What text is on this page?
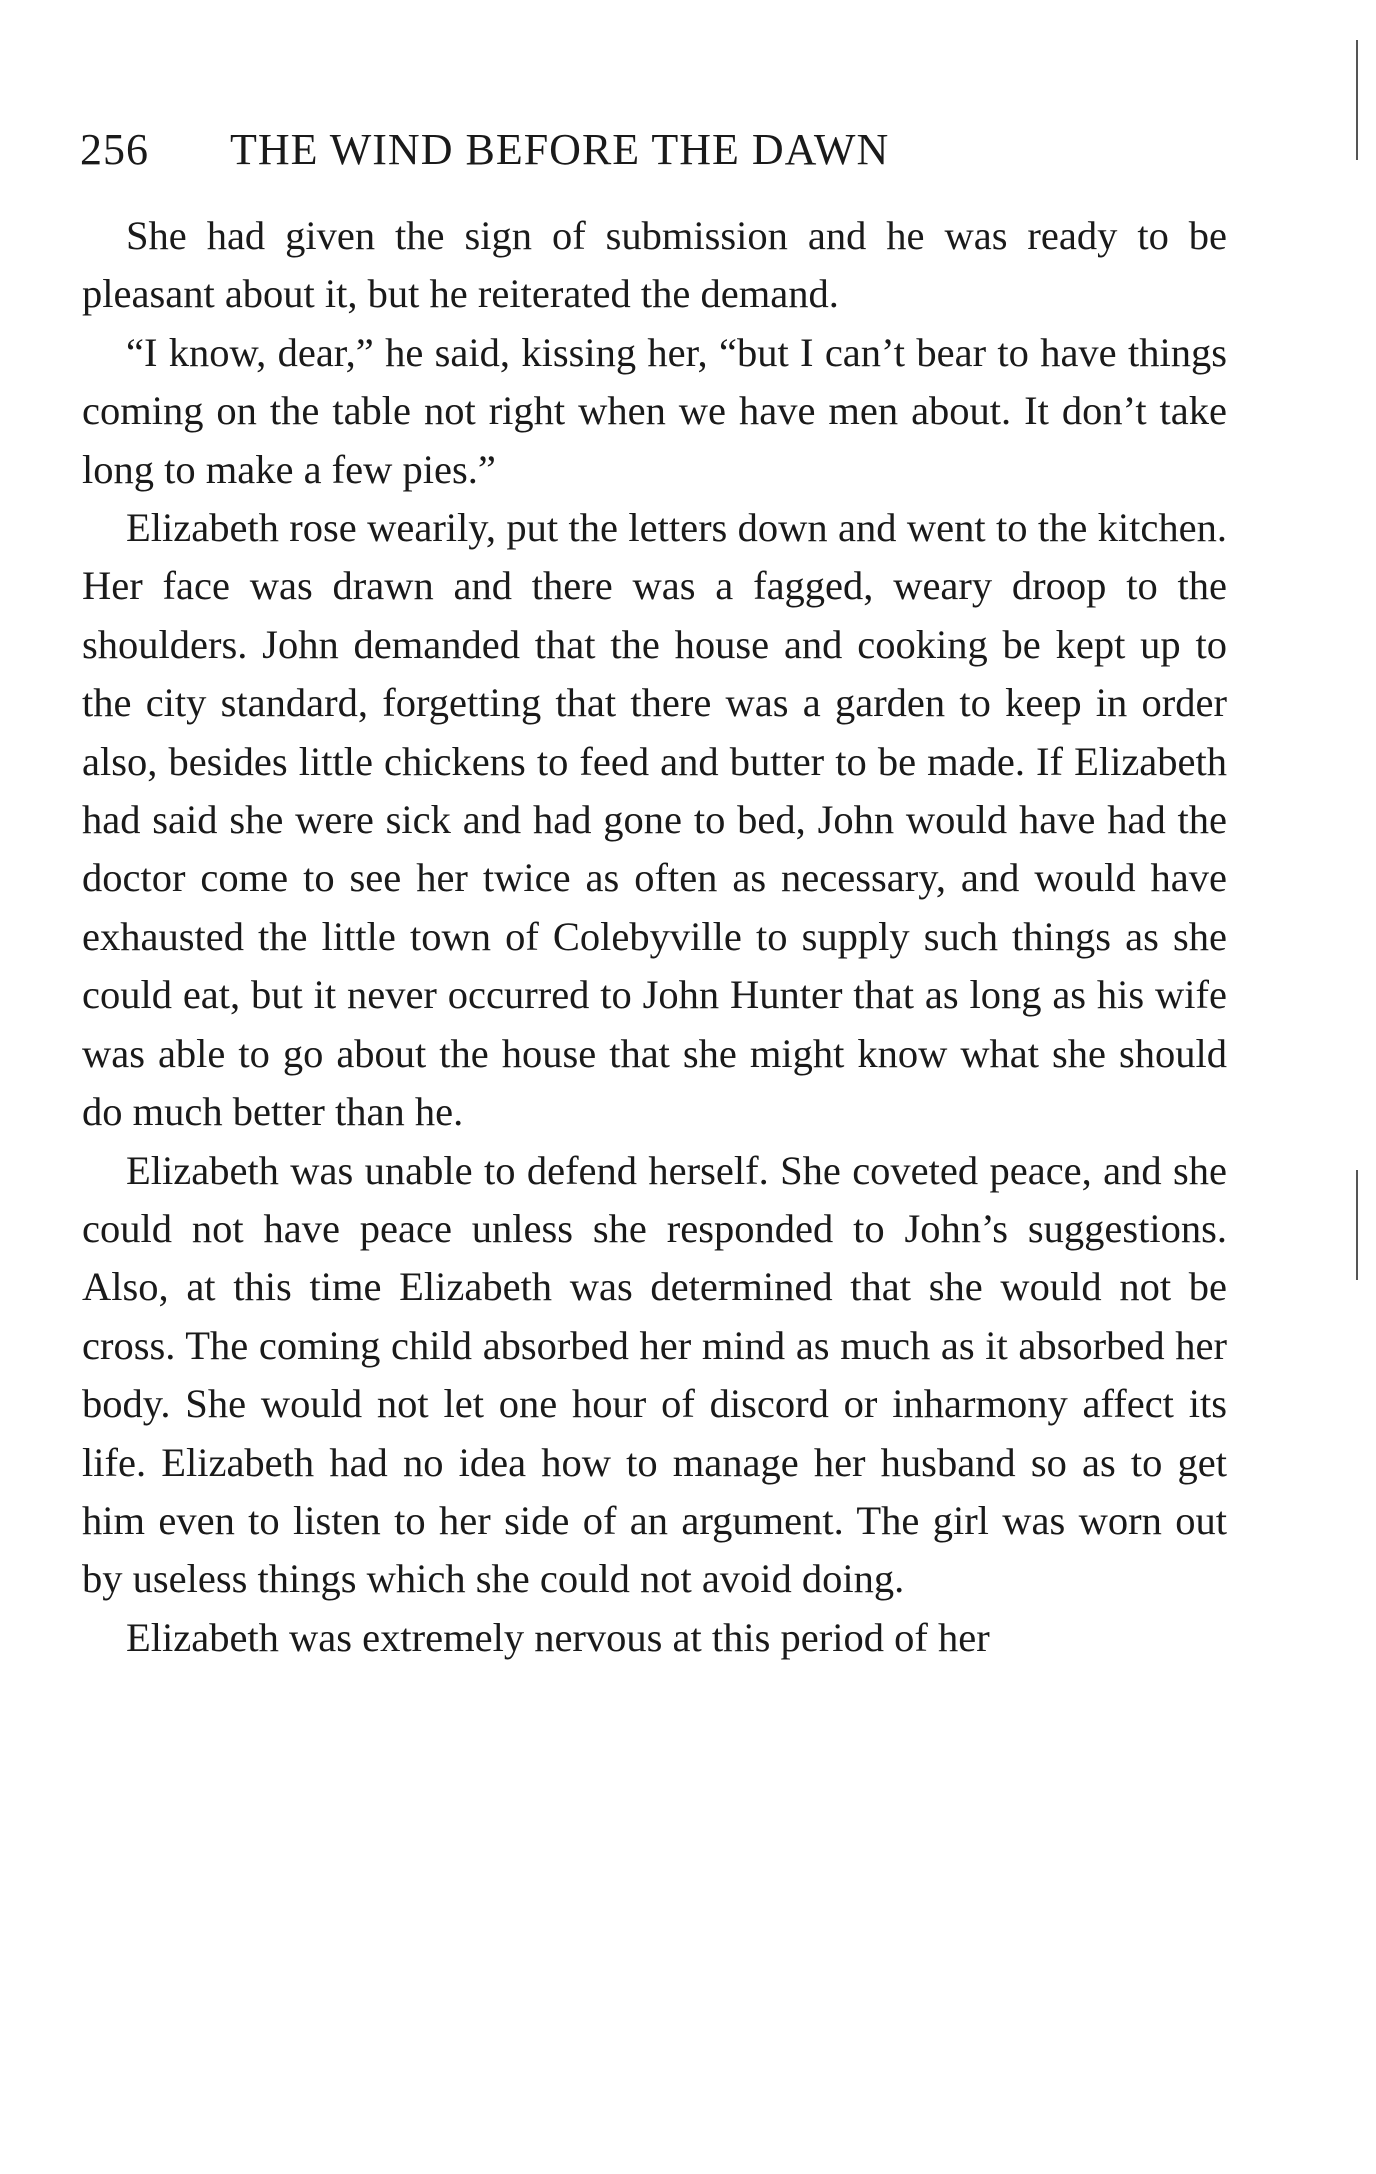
256 THE WIND BEFORE THE DAWN

She had given the sign of submission and he was ready to be pleasant about it, but he reiterated the demand.

“I know, dear,” he said, kissing her, “but I can’t bear to have things coming on the table not right when we have men about. It don’t take long to make a few pies.”

Elizabeth rose wearily, put the letters down and went to the kitchen. Her face was drawn and there was a fagged, weary droop to the shoulders. John demanded that the house and cooking be kept up to the city standard, forgetting that there was a garden to keep in order also, besides little chickens to feed and butter to be made. If Elizabeth had said she were sick and had gone to bed, John would have had the doctor come to see her twice as often as necessary, and would have exhausted the little town of Colebyville to supply such things as she could eat, but it never occurred to John Hunter that as long as his wife was able to go about the house that she might know what she should do much better than he.

Elizabeth was unable to defend herself. She coveted peace, and she could not have peace unless she responded to John’s suggestions. Also, at this time Elizabeth was determined that she would not be cross. The coming child absorbed her mind as much as it absorbed her body. She would not let one hour of discord or inharmony affect its life. Elizabeth had no idea how to manage her husband so as to get him even to listen to her side of an argument. The girl was worn out by useless things which she could not avoid doing.

Elizabeth was extremely nervous at this period of her
